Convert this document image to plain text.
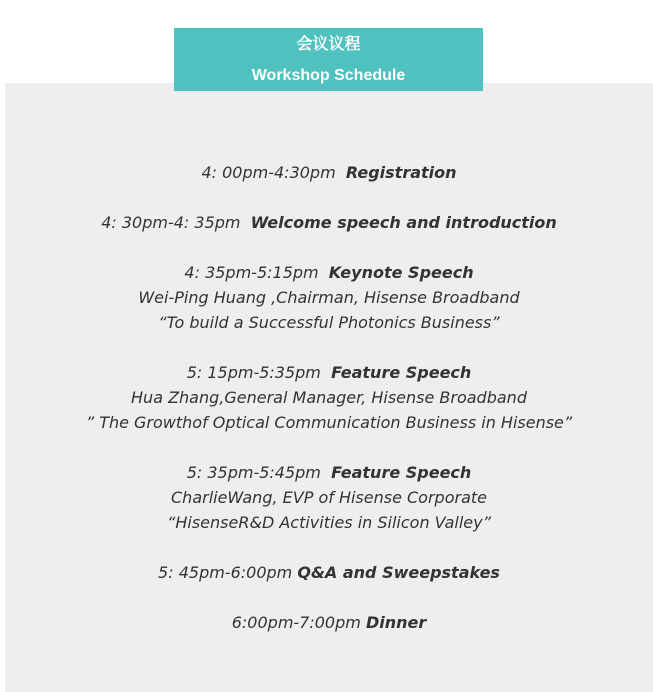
会议议程
Workshop Schedule

4: 00pm-4:30pm Registration

4: 30pm-4: 35pm Welcome speech and introduction

4: 35pm-5:15pm Keynote Speech

Wei-Ping Huang ,Chairman, Hisense Broadband

“To build a Successful Photonics Business”

5: 15pm-5:35pm Feature Speech

Hua Zhang,General Manager, Hisense Broadband

” The Growthof Optical Communication Business in Hisense”

5: 35pm-5:45pm Feature Speech

CharlieWang, EVP of Hisense Corporate

“HisenseR&D Activities in Silicon Valley”

5: 45pm-6:00pm Q&A and Sweepstakes

6:00pm-7:00pm Dinner
